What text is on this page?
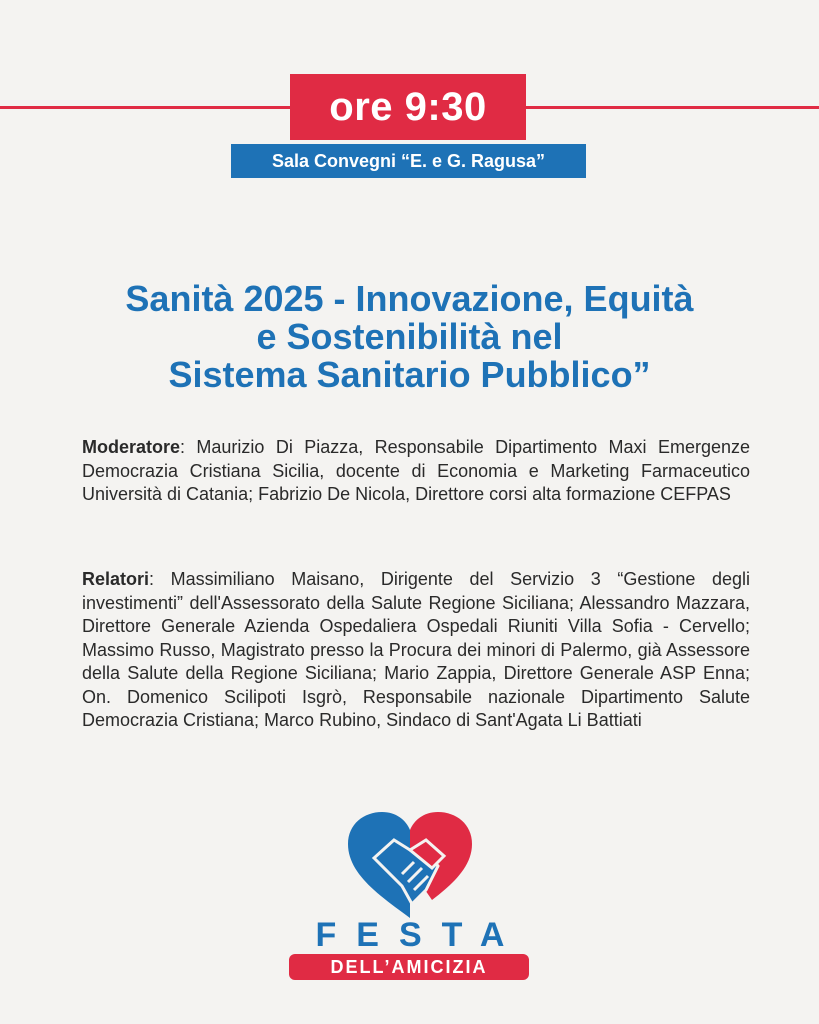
ore 9:30
Sala Convegni “E. e G. Ragusa”
Sanità 2025 - Innovazione, Equità
e Sostenibilità nel
Sistema Sanitario Pubblico”
Moderatore: Maurizio Di Piazza, Responsabile Dipartimento Maxi Emergenze Democrazia Cristiana Sicilia, docente di Economia e Marketing Farmaceutico Università di Catania; Fabrizio De Nicola, Direttore corsi alta formazione CEFPAS
Relatori: Massimiliano Maisano, Dirigente del Servizio 3 “Gestione degli investimenti” dell'Assessorato della Salute Regione Siciliana; Alessandro Mazzara, Direttore Generale Azienda Ospedaliera Ospedali Riuniti Villa Sofia - Cervello; Massimo Russo, Magistrato presso la Procura dei minori di Palermo, già Assessore della Salute della Regione Siciliana; Mario Zappia, Direttore Generale ASP Enna; On. Domenico Scilipoti Isgrò, Responsabile nazionale Dipartimento Salute Democrazia Cristiana; Marco Rubino, Sindaco di Sant'Agata Li Battiati
FESTA
DELL’AMICIZIA
